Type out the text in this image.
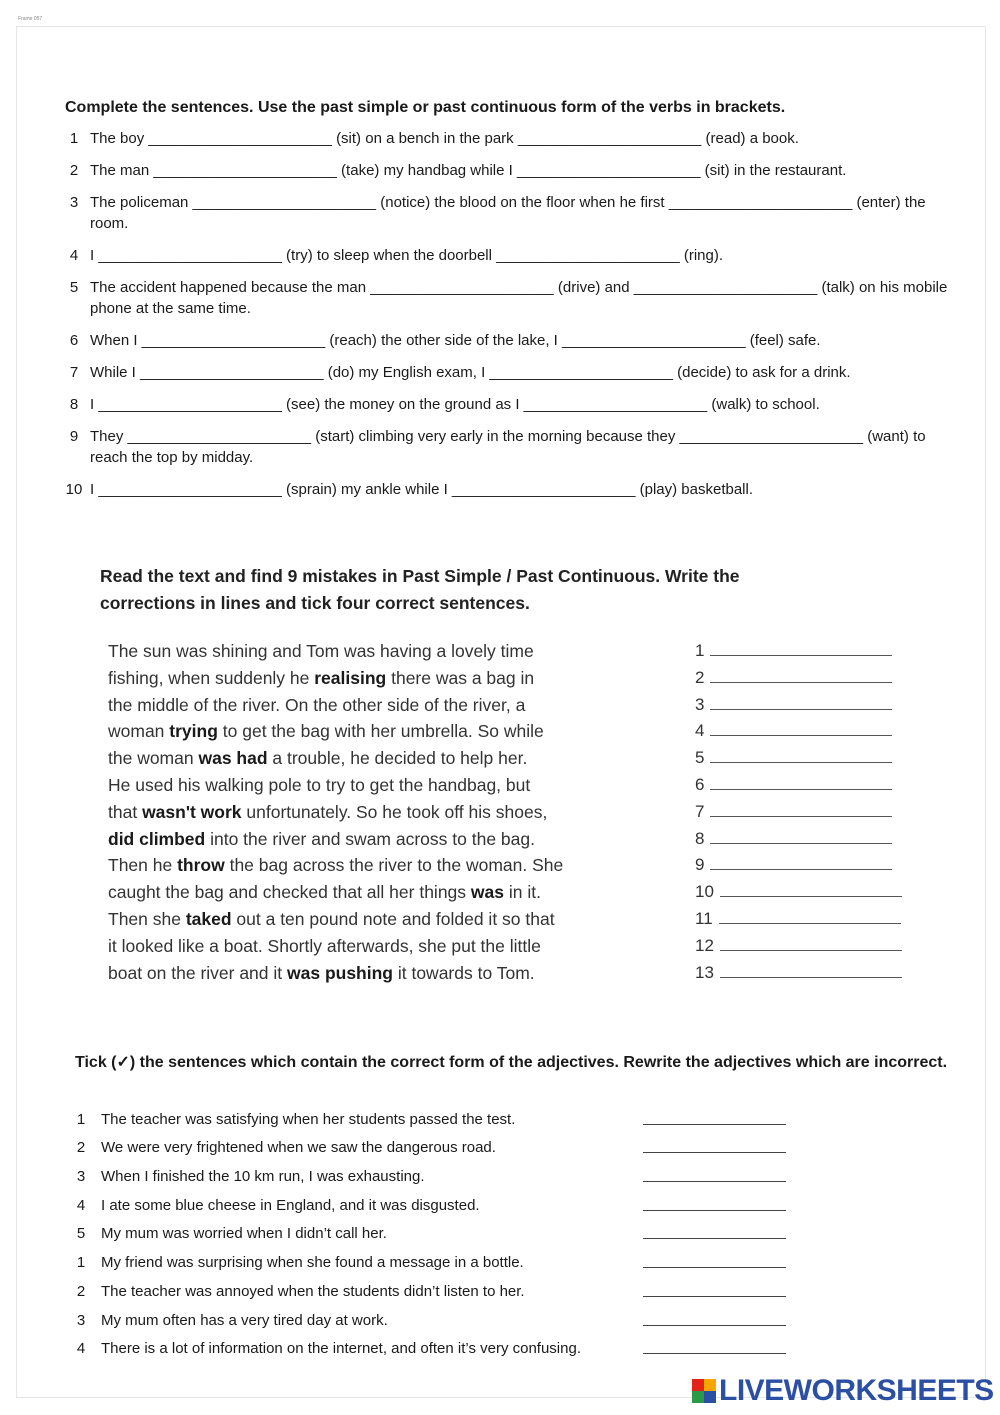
Frame 057
Complete the sentences. Use the past simple or past continuous form of the verbs in brackets.
1 The boy ______________________ (sit) on a bench in the park ______________________ (read) a book.
2 The man ______________________ (take) my handbag while I ______________________ (sit) in the restaurant.
3 The policeman ______________________ (notice) the blood on the floor when he first ______________________ (enter) the room.
4 I ______________________ (try) to sleep when the doorbell ______________________ (ring).
5 The accident happened because the man ______________________ (drive) and ______________________ (talk) on his mobile phone at the same time.
6 When I ______________________ (reach) the other side of the lake, I ______________________ (feel) safe.
7 While I ______________________ (do) my English exam, I ______________________ (decide) to ask for a drink.
8 I ______________________ (see) the money on the ground as I ______________________ (walk) to school.
9 They ______________________ (start) climbing very early in the morning because they ______________________ (want) to reach the top by midday.
10 I ______________________ (sprain) my ankle while I ______________________ (play) basketball.
Read the text and find 9 mistakes in Past Simple / Past Continuous. Write the
corrections in lines and tick four correct sentences.
The sun was shining and Tom was having a lovely time
fishing, when suddenly he realising there was a bag in
the middle of the river. On the other side of the river, a
woman trying to get the bag with her umbrella. So while
the woman was had a trouble, he decided to help her.
He used his walking pole to try to get the handbag, but
that wasn't work unfortunately. So he took off his shoes,
did climbed into the river and swam across to the bag.
Then he throw the bag across the river to the woman. She
caught the bag and checked that all her things was in it.
Then she taked out a ten pound note and folded it so that
it looked like a boat. Shortly afterwards, she put the little
boat on the river and it was pushing it towards to Tom.
1
2
3
4
5
6
7
8
9
10
11
12
13
Tick (✓) the sentences which contain the correct form of the adjectives. Rewrite the adjectives which are incorrect.
1	The teacher was satisfying when her students passed the test.
2	We were very frightened when we saw the dangerous road.
3	When I finished the 10 km run, I was exhausting.
4	I ate some blue cheese in England, and it was disgusted.
5	My mum was worried when I didn’t call her.
1	My friend was surprising when she found a message in a bottle.
2	The teacher was annoyed when the students didn’t listen to her.
3	My mum often has a very tired day at work.
4	There is a lot of information on the internet, and often it’s very confusing.
LIVEWORKSHEETS
